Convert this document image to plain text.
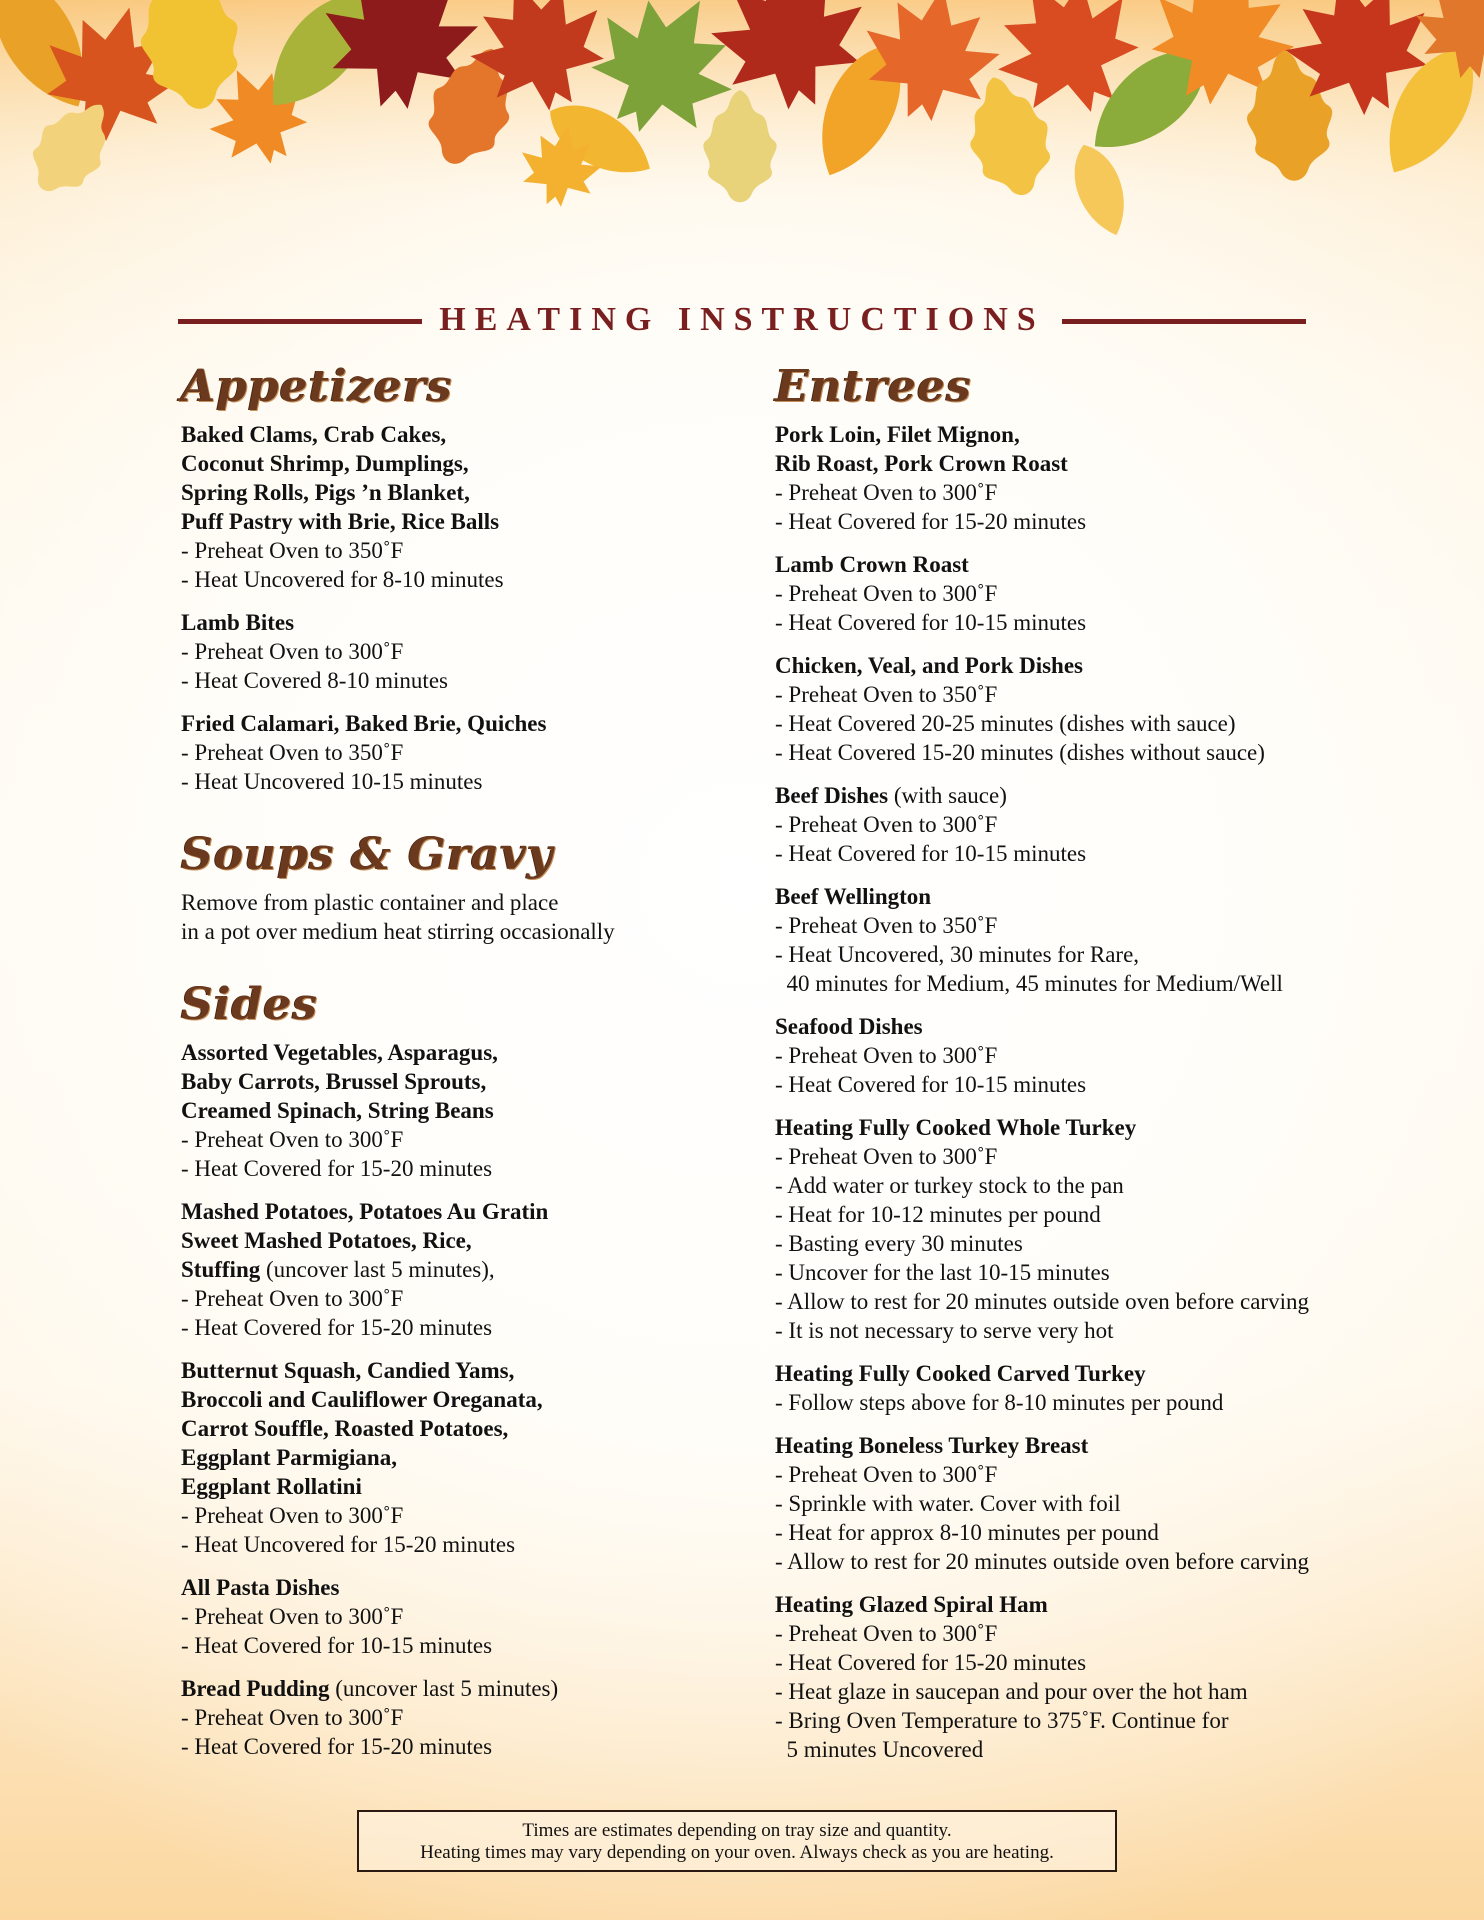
HEATING INSTRUCTIONS
Appetizers
Baked Clams, Crab Cakes,
Coconut Shrimp, Dumplings,
Spring Rolls, Pigs ’n Blanket,
Puff Pastry with Brie, Rice Balls
- Preheat Oven to 350˚F
- Heat Uncovered for 8-10 minutes
Lamb Bites
- Preheat Oven to 300˚F
- Heat Covered 8-10 minutes
Fried Calamari, Baked Brie, Quiches
- Preheat Oven to 350˚F
- Heat Uncovered 10-15 minutes
Soups & Gravy
Remove from plastic container and place
in a pot over medium heat stirring occasionally
Sides
Assorted Vegetables, Asparagus,
Baby Carrots, Brussel Sprouts,
Creamed Spinach, String Beans
- Preheat Oven to 300˚F
- Heat Covered for 15-20 minutes
Mashed Potatoes, Potatoes Au Gratin
Sweet Mashed Potatoes, Rice,
Stuffing (uncover last 5 minutes),
- Preheat Oven to 300˚F
- Heat Covered for 15-20 minutes
Butternut Squash, Candied Yams,
Broccoli and Cauliflower Oreganata,
Carrot Souffle, Roasted Potatoes,
Eggplant Parmigiana,
Eggplant Rollatini
- Preheat Oven to 300˚F
- Heat Uncovered for 15-20 minutes
All Pasta Dishes
- Preheat Oven to 300˚F
- Heat Covered for 10-15 minutes
Bread Pudding (uncover last 5 minutes)
- Preheat Oven to 300˚F
- Heat Covered for 15-20 minutes
Entrees
Pork Loin, Filet Mignon,
Rib Roast, Pork Crown Roast
- Preheat Oven to 300˚F
- Heat Covered for 15-20 minutes
Lamb Crown Roast
- Preheat Oven to 300˚F
- Heat Covered for 10-15 minutes
Chicken, Veal, and Pork Dishes
- Preheat Oven to 350˚F
- Heat Covered 20-25 minutes (dishes with sauce)
- Heat Covered 15-20 minutes (dishes without sauce)
Beef Dishes (with sauce)
- Preheat Oven to 300˚F
- Heat Covered for 10-15 minutes
Beef Wellington
- Preheat Oven to 350˚F
- Heat Uncovered, 30 minutes for Rare,
40 minutes for Medium, 45 minutes for Medium/Well
Seafood Dishes
- Preheat Oven to 300˚F
- Heat Covered for 10-15 minutes
Heating Fully Cooked Whole Turkey
- Preheat Oven to 300˚F
- Add water or turkey stock to the pan
- Heat for 10-12 minutes per pound
- Basting every 30 minutes
- Uncover for the last 10-15 minutes
- Allow to rest for 20 minutes outside oven before carving
- It is not necessary to serve very hot
Heating Fully Cooked Carved Turkey
- Follow steps above for 8-10 minutes per pound
Heating Boneless Turkey Breast
- Preheat Oven to 300˚F
- Sprinkle with water. Cover with foil
- Heat for approx 8-10 minutes per pound
- Allow to rest for 20 minutes outside oven before carving
Heating Glazed Spiral Ham
- Preheat Oven to 300˚F
- Heat Covered for 15-20 minutes
- Heat glaze in saucepan and pour over the hot ham
- Bring Oven Temperature to 375˚F. Continue for
5 minutes Uncovered
Times are estimates depending on tray size and quantity.
Heating times may vary depending on your oven. Always check as you are heating.
